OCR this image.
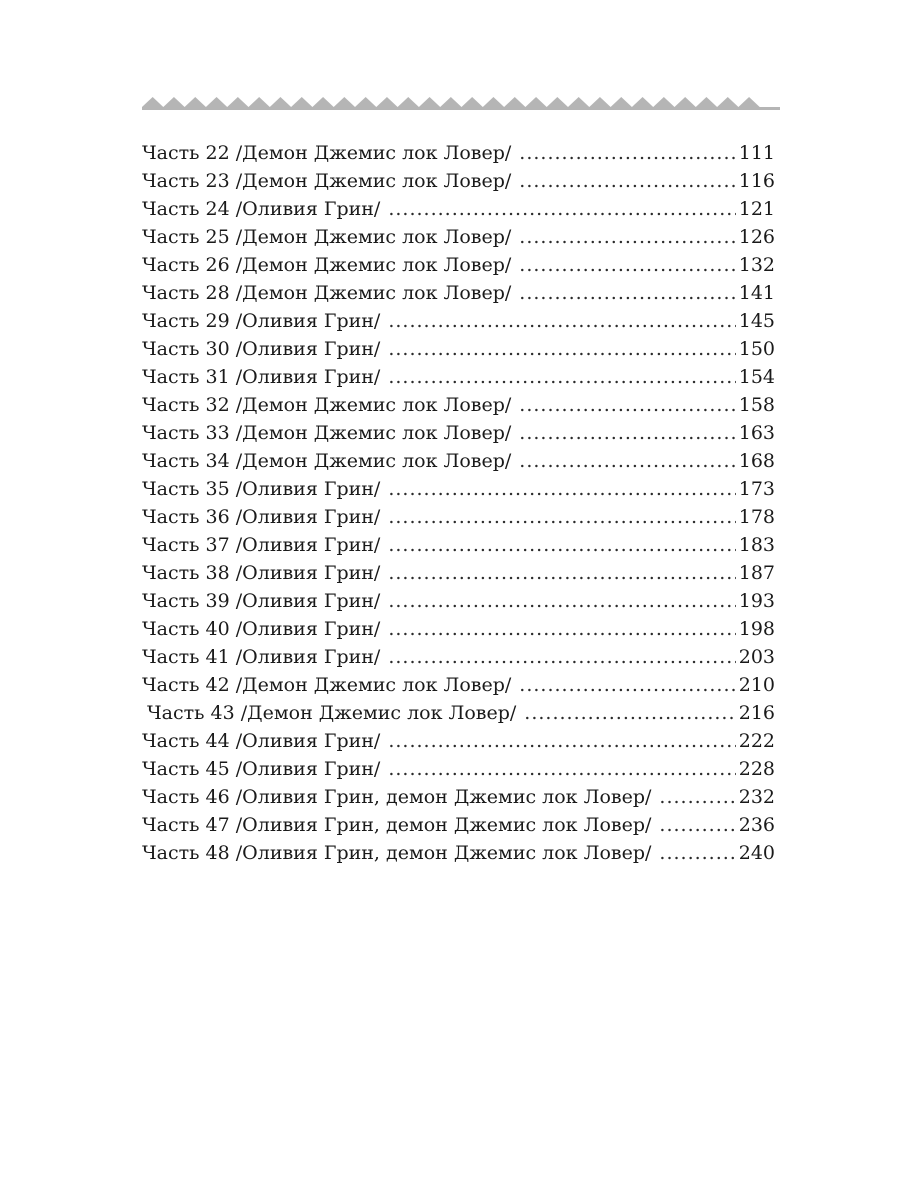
Часть 22 /Демон Джемис лок Ловер/ .....	111
Часть 23 /Демон Джемис лок Ловер/ .....	116
Часть 24 /Оливия Грин/ .....	121
Часть 25 /Демон Джемис лок Ловер/ .....	126
Часть 26 /Демон Джемис лок Ловер/ .....	132
Часть 28 /Демон Джемис лок Ловер/ .....	141
Часть 29 /Оливия Грин/ .....	145
Часть 30 /Оливия Грин/ .....	150
Часть 31 /Оливия Грин/ .....	154
Часть 32 /Демон Джемис лок Ловер/ .....	158
Часть 33 /Демон Джемис лок Ловер/ .....	163
Часть 34 /Демон Джемис лок Ловер/ .....	168
Часть 35 /Оливия Грин/ .....	173
Часть 36 /Оливия Грин/ .....	178
Часть 37 /Оливия Грин/ .....	183
Часть 38 /Оливия Грин/ .....	187
Часть 39 /Оливия Грин/ .....	193
Часть 40 /Оливия Грин/ .....	198
Часть 41 /Оливия Грин/ .....	203
Часть 42 /Демон Джемис лок Ловер/ .....	210
Часть 43 /Демон Джемис лок Ловер/ .....	216
Часть 44 /Оливия Грин/ .....	222
Часть 45 /Оливия Грин/ .....	228
Часть 46 /Оливия Грин, демон Джемис лок Ловер/ .....	232
Часть 47 /Оливия Грин, демон Джемис лок Ловер/ .....	236
Часть 48 /Оливия Грин, демон Джемис лок Ловер/ .....	240
